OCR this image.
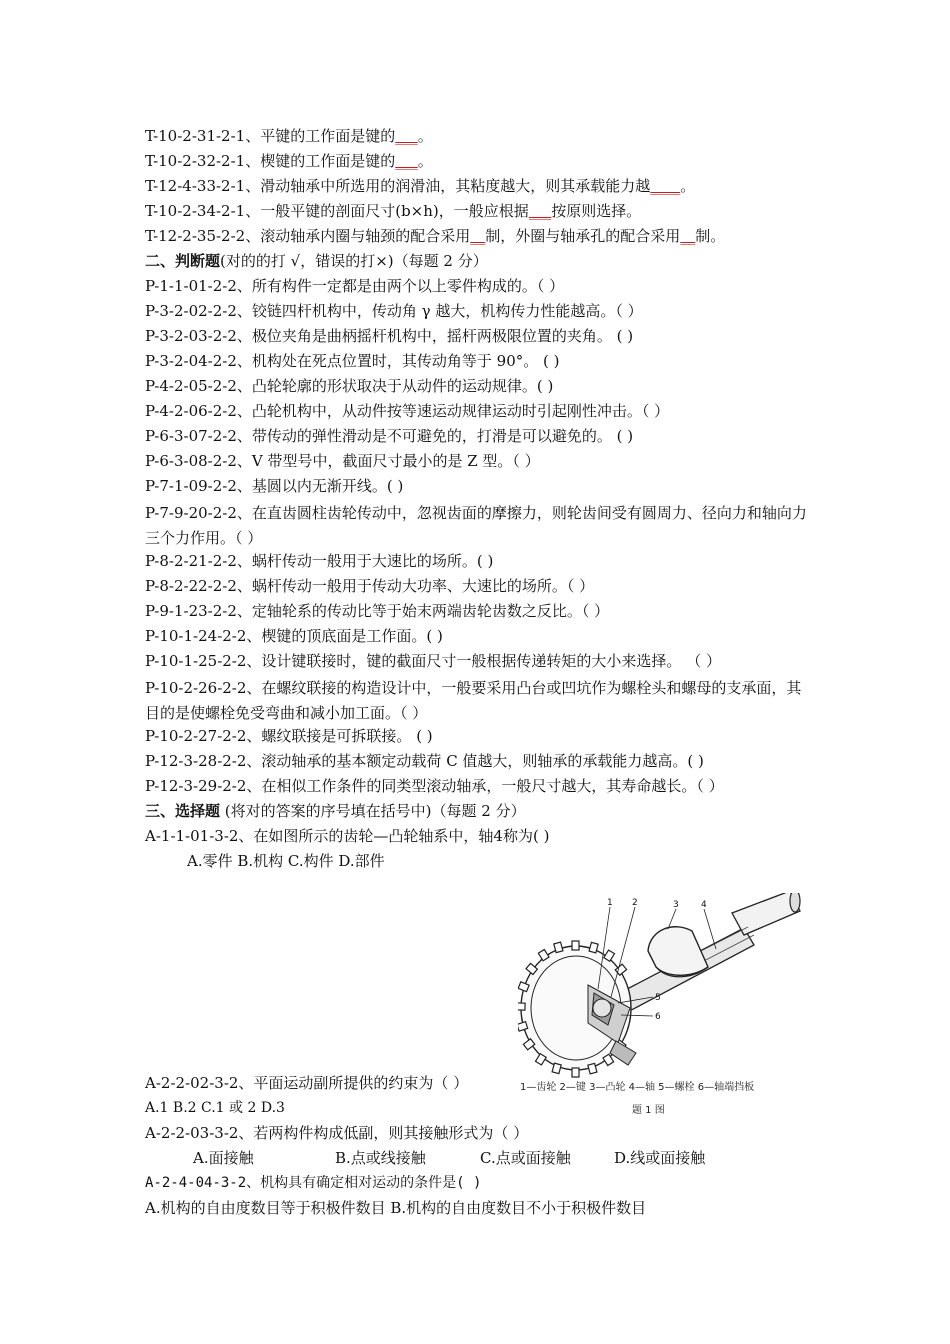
T-10-2-31-2-1、平键的工作面是键的___。
T-10-2-32-2-1、楔键的工作面是键的___。
T-12-4-33-2-1、滑动轴承中所选用的润滑油，其粘度越大，则其承载能力越____。
T-10-2-34-2-1、一般平键的剖面尺寸(b×h)，一般应根据___按原则选择。
T-12-2-35-2-2、滚动轴承内圈与轴颈的配合采用__制，外圈与轴承孔的配合采用__制。
二、判断题(对的的打 √，错误的打×)（每题 2 分）
P-1-1-01-2-2、所有构件一定都是由两个以上零件构成的。（ ）
P-3-2-02-2-2、铰链四杆机构中，传动角 γ 越大，机构传力性能越高。（ ）
P-3-2-03-2-2、极位夹角是曲柄摇杆机构中，摇杆两极限位置的夹角。 ( )
P-3-2-04-2-2、机构处在死点位置时，其传动角等于 90°。 ( )
P-4-2-05-2-2、凸轮轮廓的形状取决于从动件的运动规律。( )
P-4-2-06-2-2、凸轮机构中，从动件按等速运动规律运动时引起刚性冲击。（ ）
P-6-3-07-2-2、带传动的弹性滑动是不可避免的，打滑是可以避免的。 ( )
P-6-3-08-2-2、V 带型号中，截面尺寸最小的是 Z 型。（ ）
P-7-1-09-2-2、基圆以内无渐开线。( )
P-7-9-20-2-2、在直齿圆柱齿轮传动中，忽视齿面的摩擦力，则轮齿间受有圆周力、径向力和轴向力三个力作用。（ ）
P-8-2-21-2-2、蜗杆传动一般用于大速比的场所。( )
P-8-2-22-2-2、蜗杆传动一般用于传动大功率、大速比的场所。（ ）
P-9-1-23-2-2、定轴轮系的传动比等于始末两端齿轮齿数之反比。（ ）
P-10-1-24-2-2、楔键的顶底面是工作面。( )
P-10-1-25-2-2、设计键联接时，键的截面尺寸一般根据传递转矩的大小来选择。 （ ）
P-10-2-26-2-2、在螺纹联接的构造设计中，一般要采用凸台或凹坑作为螺栓头和螺母的支承面，其目的是使螺栓免受弯曲和减小加工面。（ ）
P-10-2-27-2-2、螺纹联接是可拆联接。 ( )
P-12-3-28-2-2、滚动轴承的基本额定动载荷 C 值越大，则轴承的承载能力越高。( )
P-12-3-29-2-2、在相似工作条件的同类型滚动轴承，一般尺寸越大，其寿命越长。（ ）
三、选择题 (将对的答案的序号填在括号中)（每题 2 分）
A-1-1-01-3-2、在如图所示的齿轮—凸轮轴系中，轴4称为( )
A.零件 B.机构 C.构件 D.部件
1 2	3 4
5
6
1—齿轮 2—键 3—凸轮 4—轴 5—螺栓 6—轴端挡板
题 1 图
A-2-2-02-3-2、平面运动副所提供的约束为（ ）
A.1 B.2 C.1 或 2 D.3
A-2-2-03-3-2、若两构件构成低副，则其接触形式为（ ）
A.面接触	B.点或线接触	C.点或面接触	D.线或面接触
A-2-4-04-3-2、机构具有确定相对运动的条件是( )
A.机构的自由度数目等于积极件数目 B.机构的自由度数目不小于积极件数目
